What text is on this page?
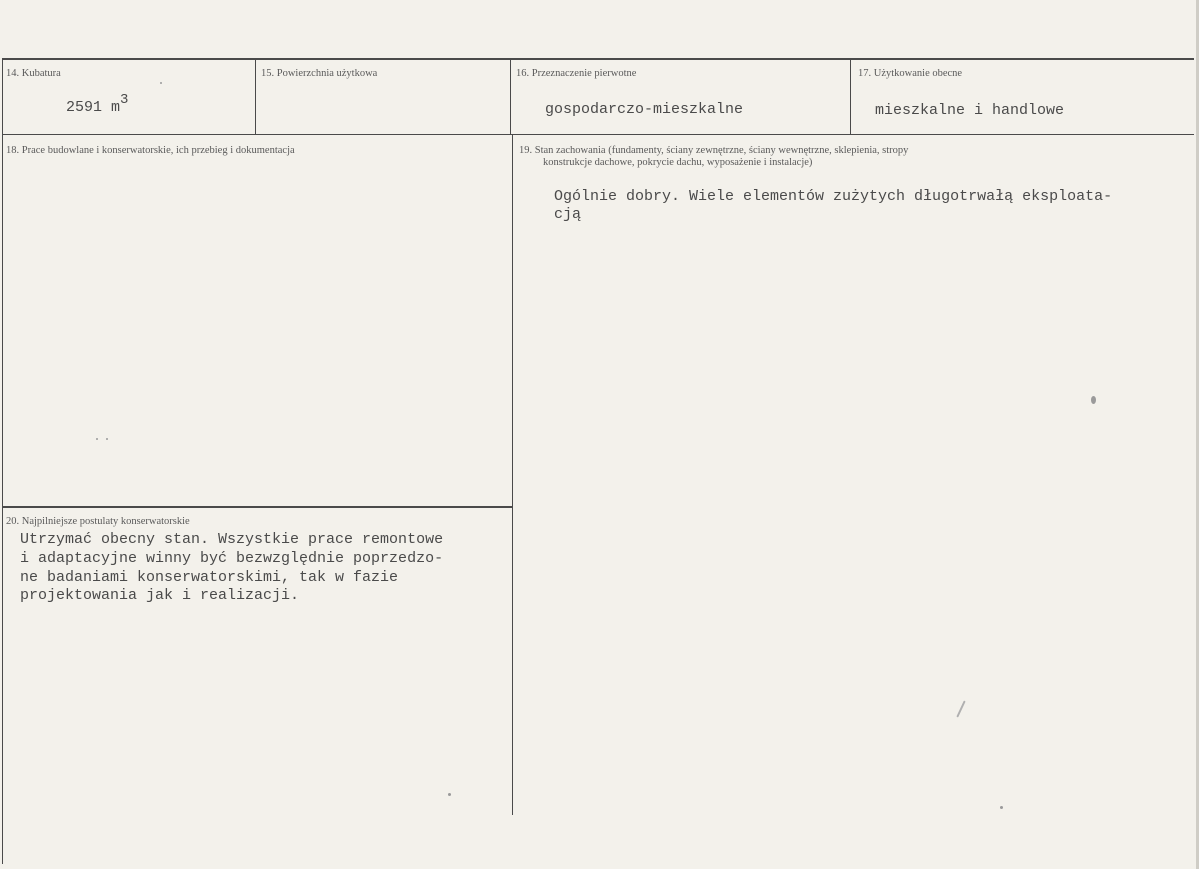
14. Kubatura
2591 m3
15. Powierzchnia użytkowa	16. Przeznaczenie pierwotne
gospodarczo-mieszkalne
17. Użytkowanie obecne
mieszkalne i handlowe
18. Prace budowlane i konserwatorskie, ich przebieg i dokumentacja	19. Stan zachowania (fundamenty, ściany zewnętrzne, ściany wewnętrzne, sklepienia, stropy
konstrukcje dachowe, pokrycie dachu, wyposażenie i instalacje)
Ogólnie dobry. Wiele elementów zużytych długotrwałą eksploata-
cją
20. Najpilniejsze postulaty konserwatorskie
Utrzymać obecny stan. Wszystkie prace remontowe
i adaptacyjne winny być bezwzględnie poprzedzo-
ne badaniami konserwatorskimi, tak w fazie
projektowania jak i realizacji.
